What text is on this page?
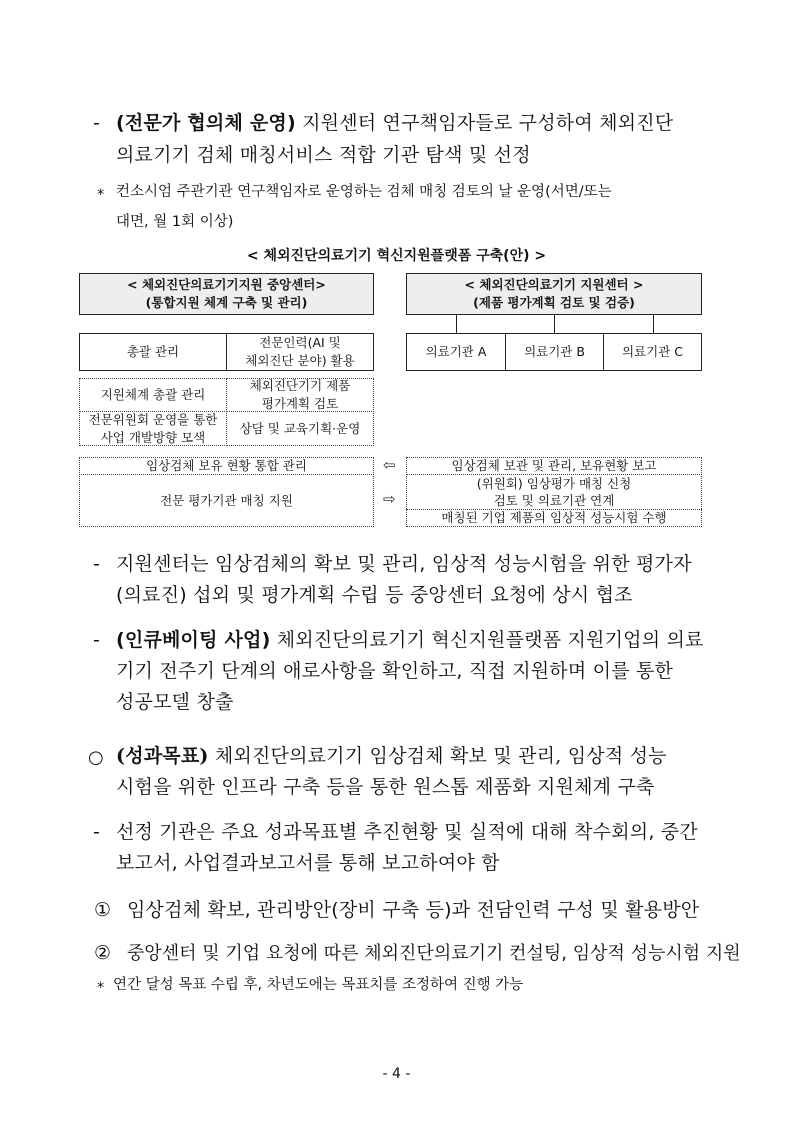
- (전문가 협의체 운영) 지원센터 연구책임자들로 구성하여 체외진단
의료기기 검체 매칭서비스 적합 기관 탐색 및 선정
* 컨소시엄 주관기관 연구책임자로 운영하는 검체 매칭 검토의 날 운영(서면/또는
대면, 월 1회 이상)
< 체외진단의료기기 혁신지원플랫폼 구축(안) >
< 체외진단의료기기지원 중앙센터>
(통합지원 체계 구축 및 관리)
< 체외진단의료기기 지원센터 >
(제품 평가계획 검토 및 검증)
총괄 관리
전문인력(AI 및
체외진단 분야) 활용
의료기관 A	의료기관 B	의료기관 C
지원체계 총괄 관리
체외진단기기 제품
평가계획 검토
전문위원회 운영을 통한
사업 개발방향 모색
상담 및 교육기획·운영
임상검체 보유 현황 통합 관리
전문 평가기관 매칭 지원
⇦
⇨
임상검체 보관 및 관리, 보유현황 보고
(위원회) 임상평가 매칭 신청
검토 및 의료기관 연계
매칭된 기업 제품의 임상적 성능시험 수행
- 지원센터는 임상검체의 확보 및 관리, 임상적 성능시험을 위한 평가자
(의료진) 섭외 및 평가계획 수립 등 중앙센터 요청에 상시 협조
- (인큐베이팅 사업) 체외진단의료기기 혁신지원플랫폼 지원기업의 의료
기기 전주기 단계의 애로사항을 확인하고, 직접 지원하며 이를 통한
성공모델 창출
○ (성과목표) 체외진단의료기기 임상검체 확보 및 관리, 임상적 성능
시험을 위한 인프라 구축 등을 통한 원스톱 제품화 지원체계 구축
- 선정 기관은 주요 성과목표별 추진현황 및 실적에 대해 착수회의, 중간
보고서, 사업결과보고서를 통해 보고하여야 함
① 임상검체 확보, 관리방안(장비 구축 등)과 전담인력 구성 및 활용방안
② 중앙센터 및 기업 요청에 따른 체외진단의료기기 컨설팅, 임상적 성능시험 지원
* 연간 달성 목표 수립 후, 차년도에는 목표치를 조정하여 진행 가능
- 4 -
